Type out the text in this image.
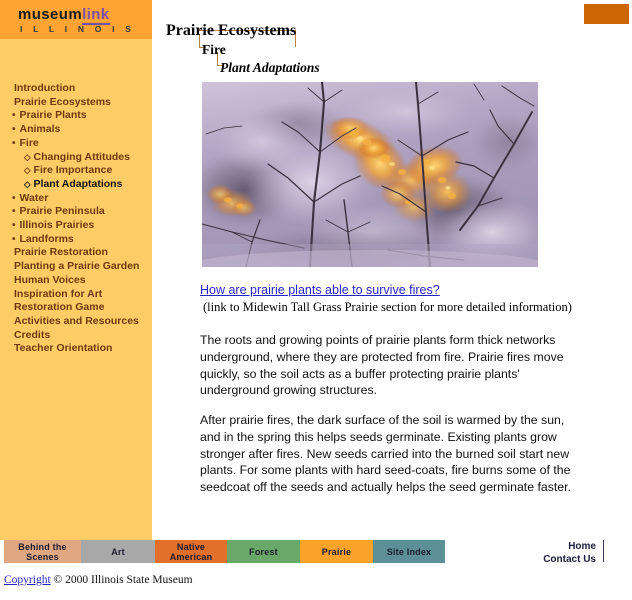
museumlink
I L L I N O I S
Introduction
Prairie Ecosystems
• Prairie Plants
• Animals
• Fire
◇ Changing Attitudes
◇ Fire Importance
◇ Plant Adaptations
• Water
• Prairie Peninsula
• Illinois Prairies
• Landforms
Prairie Restoration
Planting a Prairie Garden
Human Voices
Inspiration for Art
Restoration Game
Activities and Resources
Credits
Teacher Orientation
Prairie Ecosystems
Fire
Plant Adaptations
How are prairie plants able to survive fires?
(link to Midewin Tall Grass Prairie section for more detailed information)
The roots and growing points of prairie plants form thick networks underground, where they are protected from fire. Prairie fires move quickly, so the soil acts as a buffer protecting prairie plants' underground growing structures.
After prairie fires, the dark surface of the soil is warmed by the sun, and in the spring this helps seeds germinate. Existing plants grow stronger after fires. New seeds carried into the burned soil start new plants. For some plants with hard seed-coats, fire burns some of the seedcoat off the seeds and actually helps the seed germinate faster.
Behind the
Scenes	Art	Native
American	Forest	Prairie	Site Index	Home
Contact Us
Copyright © 2000 Illinois State Museum
